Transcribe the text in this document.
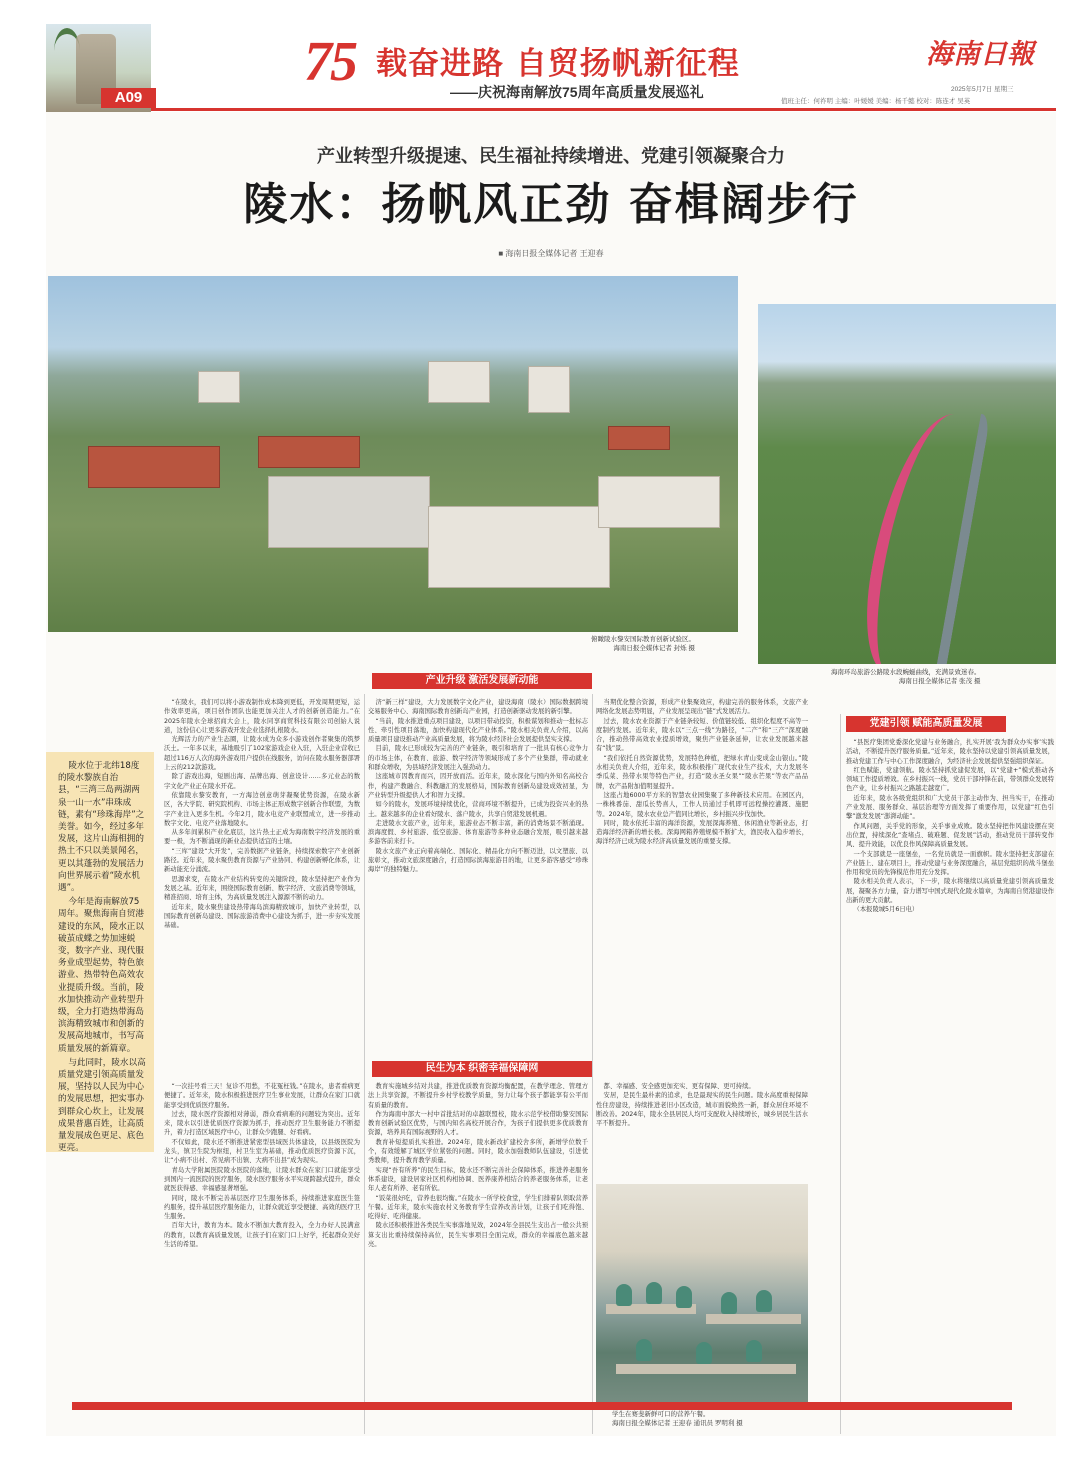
A09
75 载奋进路 自贸扬帆新征程
——庆祝海南解放75周年高质量发展巡礼
海南日報
2025年5月7日 星期三
值班主任：何祚明 主编：叶媛媛 美编：杨千懿 校对：陈连才 吴英
产业转型升级提速、民生福祉持续增进、党建引领凝聚合力
陵水：扬帆风正劲 奋楫阔步行
■ 海南日报全媒体记者 王迎春
俯瞰陵水黎安国际教育创新试验区。
海南日报全媒体记者 封烁 摄
海南环岛旅游公路陵水段蜿蜒曲线，充满景致迷春。
海南日报全媒体记者 张茂 摄
产业升级 激活发展新动能
民生为本 织密幸福保障网
党建引领 赋能高质量发展

陵水位于北纬18度的陵水黎族自治县，“三湾三岛两湖两泉一山一水”串珠成链，素有“珍珠海岸”之美誉。如今，经过多年发展，这片山海相拥的热土不只以美景闻名，更以其蓬勃的发展活力向世界展示着“陵水机遇”。

今年是海南解放75周年。聚焦海南自贸港建设的东风，陵水正以破茧成蝶之势加速蜕变，数字产业、现代服务业成型起势，特色旅游业、热带特色高效农业提质升级。当前，陵水加快推动产业转型升级，全力打造热带海岛滨海精致城市和创新的发展高地城市，书写高质量发展的新篇章。

与此同时，陵水以高质量党建引领高质量发展，坚持以人民为中心的发展思想，把实事办到群众心坎上，让发展成果普惠百姓，让高质量发展成色更足、底色更亮。

“在陵水，我们可以将小游戏制作成本降到更低，开发周期更短，运作效率更高，项目创作团队也能更加关注人才的创新创造能力。”在2025年陵水全球招商大会上，陵水同享商贸科技有限公司创始人说道，这份信心让更多游戏开发企业选择扎根陵水。

光辉活力的产业生态圈，让陵水成为众多小游戏创作者聚集的筑梦沃土。一年多以来，基地吸引了102家游戏企业入驻，入驻企业营收已超过116万人次的海外游戏用户提供在线服务，访问在陵水服务器部署上云的212款游戏。

除了游戏出海，短剧出海、品牌出海、创意设计……多元业态的数字文化产业正在陵水开花。

依靠陵水黎安教育，一方海边创意萌芽凝聚优势资源，在陵水新区，各大学院、研究院机构、市场主体正形成数字创新合作联盟，为数字产业注入更多生机。今年2月，陵水电竞产业联盟成立，进一步推动数字文化、电竞产业落地陵水。

从多年间累积产业化底层，这片热土正成为海南数字经济发展的重要一极，为不断涌现的新业态提供适宜的土壤。

“三库”建设“大开发”，完善数据产业链条，持续探索数字产业创新路径。近年来，陵水聚焦教育资源与产业协同、构建创新孵化体系，让新动能充分涌流。

思源求变，在陵水产业结构转变的关键阶段，陵水坚持把产业作为发展之基。近年来，围绕国际教育创新、数字经济、文旅消费等领域，精准招商、培育主体，为高质量发展注入源源不断的动力。

近年来，陵水聚焦建设热带海岛滨海精致城市，加快产业转型，以国际教育创新岛建设、国际旅游消费中心建设为抓手，进一步夯实发展基础。

济“新三样”建设，大力发展数字文化产业，建设海南（陵水）国际数据跨境交易服务中心、海南国际教育创新岛产业园，打造创新驱动发展的新引擎。

“当前，陵水推进重点项目建设，以项目带动投资，积极谋划和推动一批标志性、牵引性项目落地，加快构建现代化产业体系。”陵水相关负责人介绍，以高质量项目建设推动产业高质量发展，将为陵水经济社会发展提供坚实支撑。

目前，陵水已形成较为完善的产业链条，吸引和培育了一批具有核心竞争力的市场主体，在教育、旅游、数字经济等领域形成了多个产业集群，带动就业和群众增收，为县域经济发展注入强劲动力。

这座城市因教育而兴，因开放而活。近年来，陵水深化与国内外知名高校合作，构建产教融合、科教融汇的发展格局，国际教育创新岛建设成效初显，为产业转型升级提供人才和智力支撑。

如今的陵水，发展环境持续优化，营商环境不断提升，已成为投资兴业的热土。越来越多的企业看好陵水、落户陵水，共享自贸港发展机遇。

走进陵水文旅产业，近年来，旅游业态不断丰富，新的消费场景不断涌现。滨海度假、乡村旅游、低空旅游、体育旅游等多种业态融合发展，吸引越来越多游客前来打卡。

陵水文旅产业正向着高端化、国际化、精品化方向不断迈进，以文塑旅、以旅彰文，推动文旅深度融合，打造国际滨海旅游目的地，让更多游客感受“珍珠海岸”的独特魅力。

当期优化整合资源，形成产业集聚效应，构建完善的服务体系，文旅产业网络化发展态势明显，产业发展呈现出“链”式发展活力。

过去，陵水农业资源于产业链条较短、价值链较低、组织化程度不高等一度制约发展。近年来，陵水以“三点一线”为路径，“二产”和“三产”深度融合，推动热带高效农业提质增效，聚焦产业链条延伸，让农业发展越来越有“钱”景。

“我们依托自然资源优势，发展特色种植，把绿水青山变成金山银山。”陵水相关负责人介绍，近年来，陵水积极推广现代农业生产技术，大力发展冬季瓜菜、热带水果等特色产业，打造“陵水圣女果”“陵水芒果”等农产品品牌，农产品附加值明显提升。

这座占地6000平方米的智慧农业园集聚了多种新技术应用。在园区内，一株株番茄、甜瓜长势喜人，工作人员通过手机即可远程操控灌溉、施肥等。2024年，陵水农业总产值同比增长，乡村振兴步伐加快。

同时，陵水依托丰富的海洋资源，发展深海养殖、休闲渔业等新业态，打造海洋经济新的增长极。深海网箱养殖规模不断扩大，渔民收入稳步增长，海洋经济已成为陵水经济高质量发展的重要支撑。

“一次挂号看三天！复诊不用愁，不花冤枉钱。”在陵水，患者看病更便捷了。近年来，陵水积极推进医疗卫生事业发展，让群众在家门口就能享受到优质医疗服务。

过去，陵水医疗资源相对薄弱，群众看病难的问题较为突出。近年来，陵水以引进优质医疗资源为抓手，推动医疗卫生服务能力不断提升，着力打造区域医疗中心，让群众少跑腿、好看病。

不仅如此，陵水还不断推进紧密型县域医共体建设，以县级医院为龙头，镇卫生院为枢纽，村卫生室为基础，推动优质医疗资源下沉，让“小病不出村、常见病不出镇、大病不出县”成为现实。

青岛大学附属医院陵水医院的落地，让陵水群众在家门口就能享受到国内一流医院的医疗服务，陵水医疗服务水平实现跨越式提升，群众就医获得感、幸福感显著增强。

同时，陵水不断完善基层医疗卫生服务体系，持续推进家庭医生签约服务，提升基层医疗服务能力，让群众就近享受便捷、高效的医疗卫生服务。

百年大计，教育为本。陵水不断加大教育投入，全力办好人民满意的教育，以教育高质量发展，让孩子们在家门口上好学，托起群众美好生活的希望。

教育实施城乡结对共建，推进优质教育资源均衡配置，在教学理念、管理方法上共享资源，不断提升乡村学校教学质量，努力让每个孩子都能享有公平而有质量的教育。

作为海南中部大一村中首批结对的卓越联盟校，陵水示范学校借助黎安国际教育创新试验区优势，与国内知名高校开展合作，为孩子们提供更多优质教育资源，培养具有国际视野的人才。

教育补短提质扎实推进。2024年，陵水新改扩建校舍多所，新增学位数千个，有效缓解了城区学位紧张的问题。同时，陵水加强教师队伍建设，引进优秀教师，提升教育教学质量。

实现“吾有所养”的民生目标，陵水还不断完善社会保障体系，推进养老服务体系建设，建设居家社区机构相协调、医养康养相结合的养老服务体系，让老年人老有所养、老有所依。

“饭菜很好吃，营养也很均衡。”在陵水一所学校食堂，学生们排着队领取营养午餐。近年来，陵水实施农村义务教育学生营养改善计划，让孩子们吃得饱、吃得好、吃得健康。

陵水还积极推进各类民生实事落地见效，2024年全县民生支出占一般公共预算支出比重持续保持高位，民生实事项目全面完成，群众的幸福底色越来越亮。

都、幸福感、安全感更加充实、更有保障、更可持续。

安居，是民生最朴素的追求，也是最现实的民生问题。陵水高度重视保障性住房建设，持续推进老旧小区改造，城市面貌焕然一新，群众居住环境不断改善。2024年，陵水全县居民人均可支配收入持续增长，城乡居民生活水平不断提升。

“县医疗集团党委深化党建与业务融合，扎实开展‘我为群众办实事’实践活动，不断提升医疗服务质量。”近年来，陵水坚持以党建引领高质量发展，推动党建工作与中心工作深度融合，为经济社会发展提供坚强组织保证。

红色赋能，党建领航。陵水坚持抓党建促发展，以“党建+”模式推动各领域工作提质增效。在乡村振兴一线，党员干部冲锋在前，带领群众发展特色产业，让乡村振兴之路越走越宽广。

近年来，陵水各级党组织和广大党员干部主动作为、担当实干，在推动产业发展、服务群众、基层治理等方面发挥了重要作用，以党建“红色引擎”激发发展“澎湃动能”。

作风问题，关乎党的形象，关乎事业成败。陵水坚持把作风建设摆在突出位置，持续深化“查堵点、破难题、促发展”活动，推动党员干部转变作风、提升效能，以优良作风保障高质量发展。

一个支部就是一座堡垒，一名党员就是一面旗帜。陵水坚持把支部建在产业链上、建在项目上，推动党建与业务深度融合，基层党组织的战斗堡垒作用和党员的先锋模范作用充分发挥。

陵水相关负责人表示，下一步，陵水将继续以高质量党建引领高质量发展，凝聚各方力量，奋力谱写中国式现代化陵水篇章，为海南自贸港建设作出新的更大贡献。

（本报陵城5月6日电）

学生在赛斐新鲜可口的营养午餐。
海南日报全媒体记者 王迎春 通讯员 罗明利 摄
